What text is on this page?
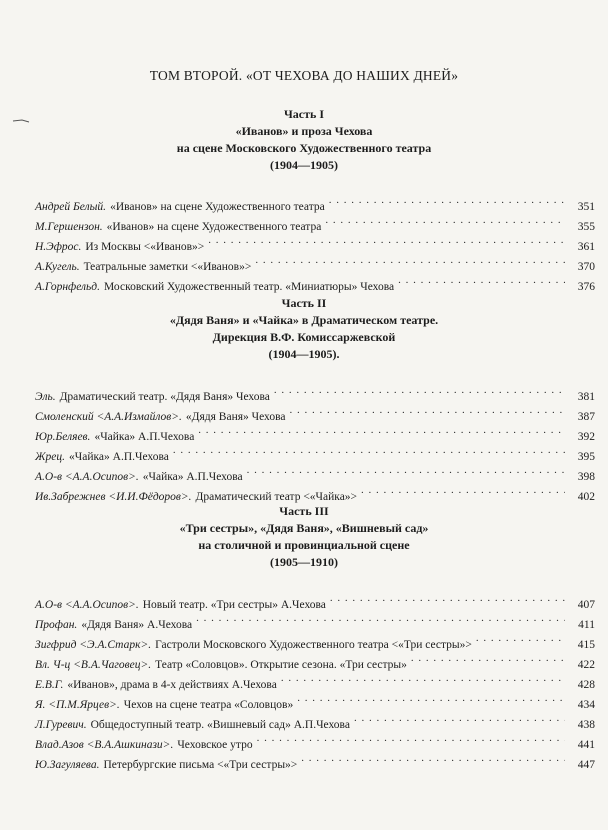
ТОМ ВТОРОЙ. «ОТ ЧЕХОВА ДО НАШИХ ДНЕЙ»
Часть I
«Иванов» и проза Чехова
на сцене Московского Художественного театра
(1904—1905)
Андрей Белый. «Иванов» на сцене Художественного театра . . .	351
М.Гершензон. «Иванов» на сцене Художественного театра . . .	355
Н.Эфрос. Из Москвы <«Иванов»> . . .	361
А.Кугель. Театральные заметки <«Иванов»> . . .	370
А.Горнфельд. Московский Художественный театр. «Миниатюры» Чехова . . .	376
Часть II
«Дядя Ваня» и «Чайка» в Драматическом театре.
Дирекция В.Ф. Комиссаржевской
(1904—1905).
Эль. Драматический театр. «Дядя Ваня» Чехова . . .	381
Смоленский <А.А.Измайлов>. «Дядя Ваня» Чехова . . .	387
Юр.Беляев. «Чайка» А.П.Чехова . . .	392
Жрец. «Чайка» А.П.Чехова . . .	395
А.О-в <А.А.Осипов>. «Чайка» А.П.Чехова . . .	398
Ив.Забрежнев <И.И.Фёдоров>. Драматический театр <«Чайка»> . . .	402
Часть III
«Три сестры», «Дядя Ваня», «Вишневый сад»
на столичной и провинциальной сцене
(1905—1910)
А.О-в <А.А.Осипов>. Новый театр. «Три сестры» А.Чехова . . .	407
Профан. «Дядя Ваня» А.Чехова . . .	411
Зигфрид <Э.А.Старк>. Гастроли Московского Художественного театра <«Три сестры»> . . .	415
Вл. Ч-ц <В.А.Чаговец>. Театр «Соловцов». Открытие сезона. «Три сестры» . . .	422
Е.В.Г. «Иванов», драма в 4-х действиях А.Чехова . . .	428
Я. <П.М.Ярцев>. Чехов на сцене театра «Соловцов» . . .	434
Л.Гуревич. Общедоступный театр. «Вишневый сад» А.П.Чехова . . .	438
Влад.Азов <В.А.Ашкинази>. Чеховское утро . . .	441
Ю.Загуляева. Петербургские письма <«Три сестры»> . . .	447
